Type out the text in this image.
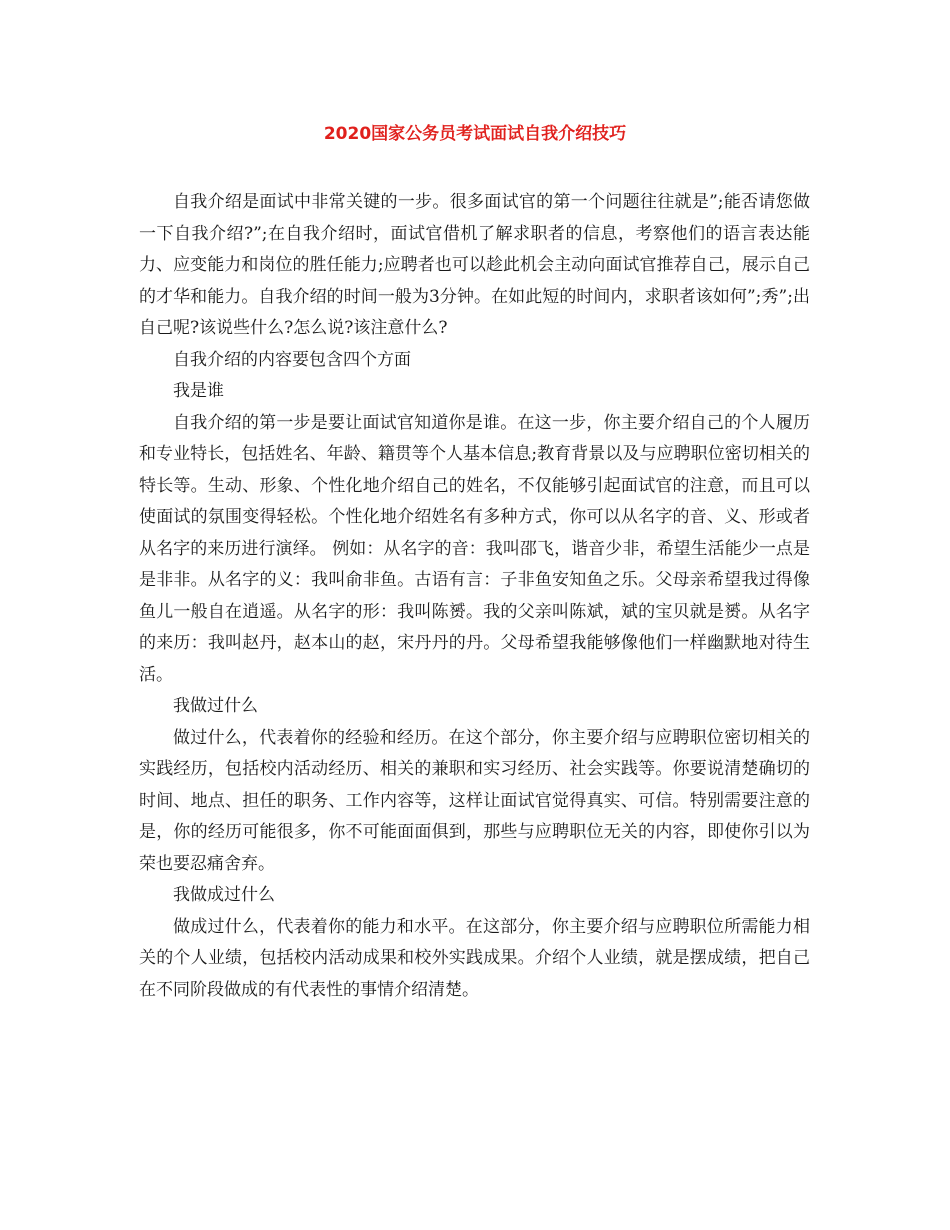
2020国家公务员考试面试自我介绍技巧

自我介绍是面试中非常关键的一步。很多面试官的第一个问题往往就是”;能否请您做一下自我介绍?”;在自我介绍时，面试官借机了解求职者的信息，考察他们的语言表达能力、应变能力和岗位的胜任能力;应聘者也可以趁此机会主动向面试官推荐自己，展示自己的才华和能力。自我介绍的时间一般为3分钟。在如此短的时间内，求职者该如何”;秀”;出自己呢?该说些什么?怎么说?该注意什么?

自我介绍的内容要包含四个方面

我是谁

自我介绍的第一步是要让面试官知道你是谁。在这一步，你主要介绍自己的个人履历和专业特长，包括姓名、年龄、籍贯等个人基本信息;教育背景以及与应聘职位密切相关的特长等。生动、形象、个性化地介绍自己的姓名，不仅能够引起面试官的注意，而且可以使面试的氛围变得轻松。个性化地介绍姓名有多种方式，你可以从名字的音、义、形或者从名字的来历进行演绎。 例如：从名字的音：我叫邵飞，谐音少非，希望生活能少一点是是非非。从名字的义：我叫俞非鱼。古语有言：子非鱼安知鱼之乐。父母亲希望我过得像鱼儿一般自在逍遥。从名字的形：我叫陈赟。我的父亲叫陈斌，斌的宝贝就是赟。从名字的来历：我叫赵丹，赵本山的赵，宋丹丹的丹。父母希望我能够像他们一样幽默地对待生活。

我做过什么

做过什么，代表着你的经验和经历。在这个部分，你主要介绍与应聘职位密切相关的实践经历，包括校内活动经历、相关的兼职和实习经历、社会实践等。你要说清楚确切的时间、地点、担任的职务、工作内容等，这样让面试官觉得真实、可信。特别需要注意的是，你的经历可能很多，你不可能面面俱到，那些与应聘职位无关的内容，即使你引以为荣也要忍痛舍弃。

我做成过什么

做成过什么，代表着你的能力和水平。在这部分，你主要介绍与应聘职位所需能力相关的个人业绩，包括校内活动成果和校外实践成果。介绍个人业绩，就是摆成绩，把自己在不同阶段做成的有代表性的事情介绍清楚。
